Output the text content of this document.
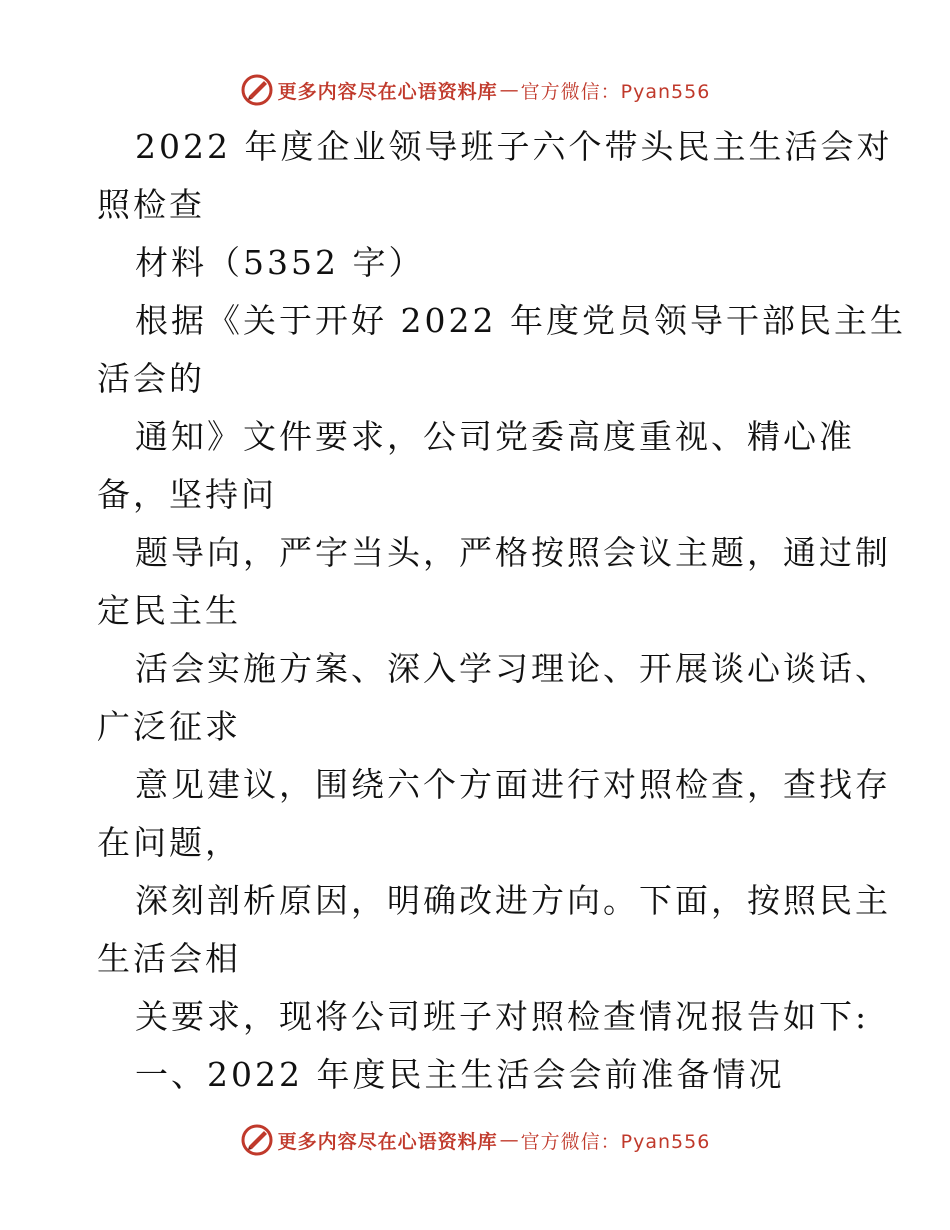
更多内容尽在心语资料库 — 官方微信：Pyan556
2022 年度企业领导班子六个带头民主生活会对
照检查
材料（5352 字）
根据《关于开好 2022 年度党员领导干部民主生
活会的
通知》文件要求，公司党委高度重视、精心准
备，坚持问
题导向，严字当头，严格按照会议主题，通过制
定民主生
活会实施方案、深入学习理论、开展谈心谈话、
广泛征求
意见建议，围绕六个方面进行对照检查，查找存
在问题，
深刻剖析原因，明确改进方向。下面，按照民主
生活会相
关要求，现将公司班子对照检查情况报告如下:
一、2022 年度民主生活会会前准备情况
更多内容尽在心语资料库 — 官方微信：Pyan556
